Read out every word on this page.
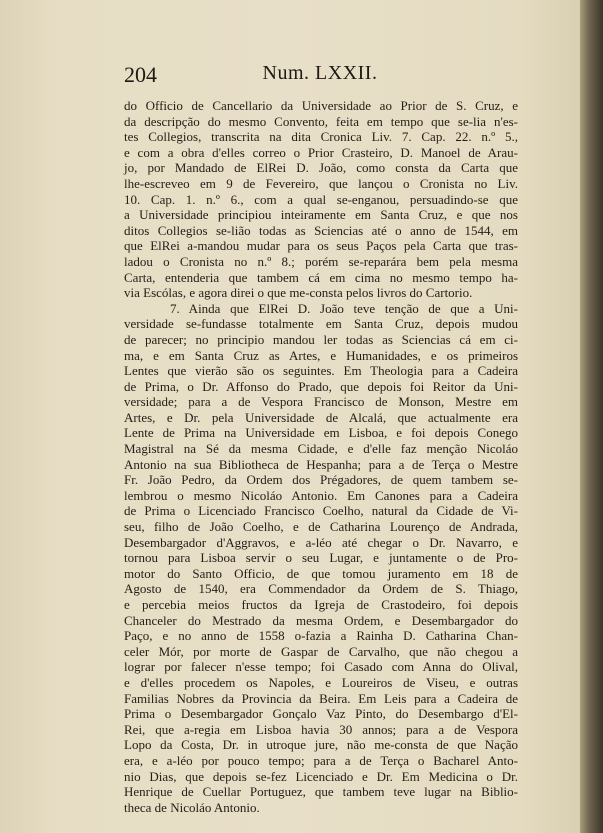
204	Num. LXXII.
do Officio de Cancellario da Universidade ao Prior de S. Cruz, e
da descripção do mesmo Convento, feita em tempo que se-lia n'es-
tes Collegios, transcrita na dita Cronica Liv. 7. Cap. 22. n.º 5.,
e com a obra d'elles correo o Prior Crasteiro, D. Manoel de Arau-
jo, por Mandado de ElRei D. João, como consta da Carta que
lhe-escreveo em 9 de Fevereiro, que lançou o Cronista no Liv.
10. Cap. 1. n.º 6., com a qual se-enganou, persuadindo-se que
a Universidade principiou inteiramente em Santa Cruz, e que nos
ditos Collegios se-lião todas as Sciencias até o anno de 1544, em
que ElRei a-mandou mudar para os seus Paços pela Carta que tras-
ladou o Cronista no n.º 8.; porém se-reparára bem pela mesma
Carta, entenderia que tambem cá em cima no mesmo tempo ha-
via Escólas, e agora direi o que me-consta pelos livros do Cartorio.
7. Ainda que ElRei D. João teve tenção de que a Uni-
versidade se-fundasse totalmente em Santa Cruz, depois mudou
de parecer; no principio mandou ler todas as Sciencias cá em ci-
ma, e em Santa Cruz as Artes, e Humanidades, e os primeiros
Lentes que vierão são os seguintes. Em Theologia para a Cadeira
de Prima, o Dr. Affonso do Prado, que depois foi Reitor da Uni-
versidade; para a de Vespora Francisco de Monson, Mestre em
Artes, e Dr. pela Universidade de Alcalá, que actualmente era
Lente de Prima na Universidade em Lisboa, e foi depois Conego
Magistral na Sé da mesma Cidade, e d'elle faz menção Nicoláo
Antonio na sua Bibliotheca de Hespanha; para a de Terça o Mestre
Fr. João Pedro, da Ordem dos Prégadores, de quem tambem se-
lembrou o mesmo Nicoláo Antonio. Em Canones para a Cadeira
de Prima o Licenciado Francisco Coelho, natural da Cidade de Vi-
seu, filho de João Coelho, e de Catharina Lourenço de Andrada,
Desembargador d'Aggravos, e a-léo até chegar o Dr. Navarro, e
tornou para Lisboa servir o seu Lugar, e juntamente o de Pro-
motor do Santo Officio, de que tomou juramento em 18 de
Agosto de 1540, era Commendador da Ordem de S. Thiago,
e percebia meios fructos da Igreja de Crastodeiro, foi depois
Chanceler do Mestrado da mesma Ordem, e Desembargador do
Paço, e no anno de 1558 o-fazia a Rainha D. Catharina Chan-
celer Mór, por morte de Gaspar de Carvalho, que não chegou a
lograr por falecer n'esse tempo; foi Casado com Anna do Olival,
e d'elles procedem os Napoles, e Loureiros de Viseu, e outras
Familias Nobres da Provincia da Beira. Em Leis para a Cadeira de
Prima o Desembargador Gonçalo Vaz Pinto, do Desembargo d'El-
Rei, que a-regia em Lisboa havia 30 annos; para a de Vespora
Lopo da Costa, Dr. in utroque jure, não me-consta de que Nação
era, e a-léo por pouco tempo; para a de Terça o Bacharel Anto-
nio Dias, que depois se-fez Licenciado e Dr. Em Medicina o Dr.
Henrique de Cuellar Portuguez, que tambem teve lugar na Biblio-
theca de Nicoláo Antonio.
